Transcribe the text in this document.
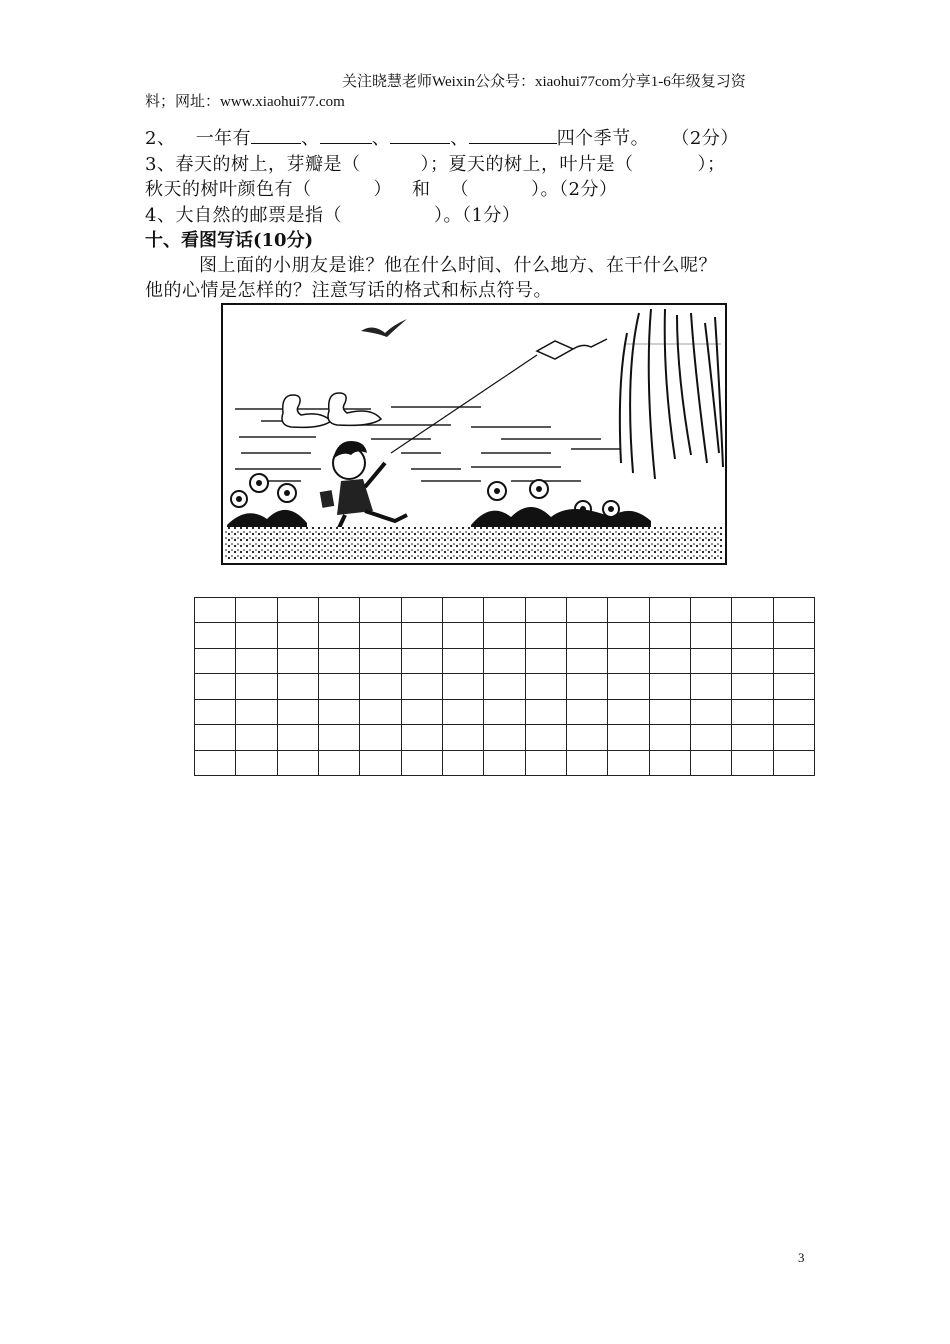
关注晓慧老师Weixin公众号：xiaohui77com分享1-6年级复习资
料；网址：www.xiaohui77.com
2、 一年有	、	、	、	四个季节。 （2分）
3、春天的树上，芽瓣是（	）；夏天的树上，叶片是（	）；
秋天的树叶颜色有（	） 和 （	）。（2分）
4、大自然的邮票是指（	）。（1分）
十、看图写话(10分)
图上面的小朋友是谁？他在什么时间、什么地方、在干什么呢？
他的心情是怎样的？注意写话的格式和标点符号。

3
